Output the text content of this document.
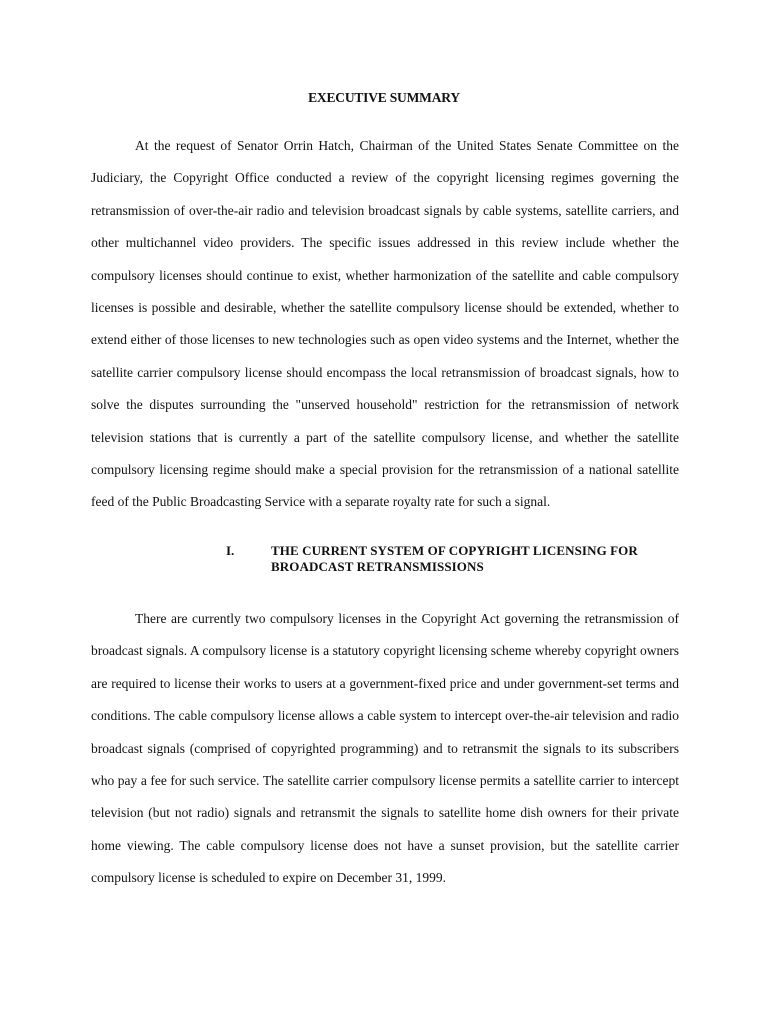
EXECUTIVE SUMMARY
At the request of Senator Orrin Hatch, Chairman of the United States Senate Committee on the
Judiciary, the Copyright Office conducted a review of the copyright licensing regimes governing the
retransmission of over-the-air radio and television broadcast signals by cable systems, satellite carriers, and
other multichannel video providers. The specific issues addressed in this review include whether the
compulsory licenses should continue to exist, whether harmonization of the satellite and cable compulsory
licenses is possible and desirable, whether the satellite compulsory license should be extended, whether to
extend either of those licenses to new technologies such as open video systems and the Internet, whether the
satellite carrier compulsory license should encompass the local retransmission of broadcast signals, how to
solve the disputes surrounding the "unserved household" restriction for the retransmission of network
television stations that is currently a part of the satellite compulsory license, and whether the satellite
compulsory licensing regime should make a special provision for the retransmission of a national satellite
feed of the Public Broadcasting Service with a separate royalty rate for such a signal.
I.	THE CURRENT SYSTEM OF COPYRIGHT LICENSING FOR
BROADCAST RETRANSMISSIONS
There are currently two compulsory licenses in the Copyright Act governing the retransmission of
broadcast signals. A compulsory license is a statutory copyright licensing scheme whereby copyright owners
are required to license their works to users at a government-fixed price and under government-set terms and
conditions. The cable compulsory license allows a cable system to intercept over-the-air television and radio
broadcast signals (comprised of copyrighted programming) and to retransmit the signals to its subscribers
who pay a fee for such service. The satellite carrier compulsory license permits a satellite carrier to intercept
television (but not radio) signals and retransmit the signals to satellite home dish owners for their private
home viewing. The cable compulsory license does not have a sunset provision, but the satellite carrier
compulsory license is scheduled to expire on December 31, 1999.
